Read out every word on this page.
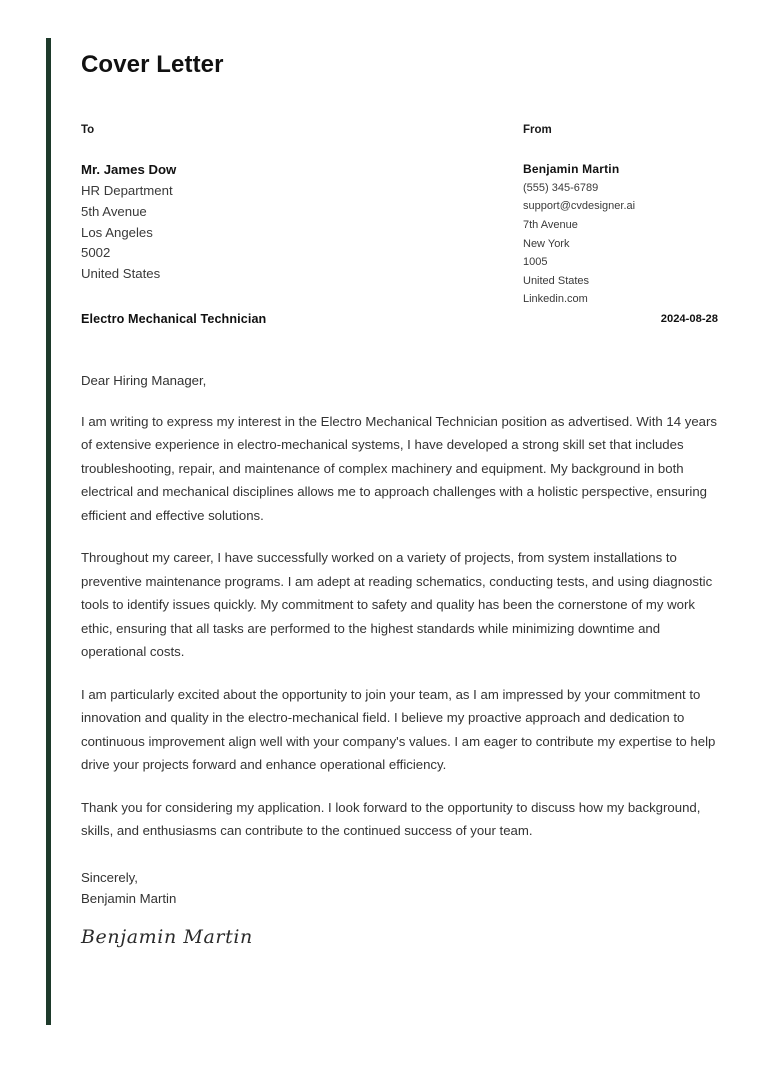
Cover Letter
To
Mr. James Dow
HR Department
5th Avenue
Los Angeles
5002
United States
From
Benjamin Martin
(555) 345-6789
support@cvdesigner.ai
7th Avenue
New York
1005
United States
Linkedin.com
Electro Mechanical Technician	2024-08-28

Dear Hiring Manager,

I am writing to express my interest in the Electro Mechanical Technician position as advertised. With 14 years of extensive experience in electro-mechanical systems, I have developed a strong skill set that includes troubleshooting, repair, and maintenance of complex machinery and equipment. My background in both electrical and mechanical disciplines allows me to approach challenges with a holistic perspective, ensuring efficient and effective solutions.

Throughout my career, I have successfully worked on a variety of projects, from system installations to preventive maintenance programs. I am adept at reading schematics, conducting tests, and using diagnostic tools to identify issues quickly. My commitment to safety and quality has been the cornerstone of my work ethic, ensuring that all tasks are performed to the highest standards while minimizing downtime and operational costs.

I am particularly excited about the opportunity to join your team, as I am impressed by your commitment to innovation and quality in the electro-mechanical field. I believe my proactive approach and dedication to continuous improvement align well with your company's values. I am eager to contribute my expertise to help drive your projects forward and enhance operational efficiency.

Thank you for considering my application. I look forward to the opportunity to discuss how my background, skills, and enthusiasms can contribute to the continued success of your team.

Sincerely,
Benjamin Martin
Benjamin Martin
